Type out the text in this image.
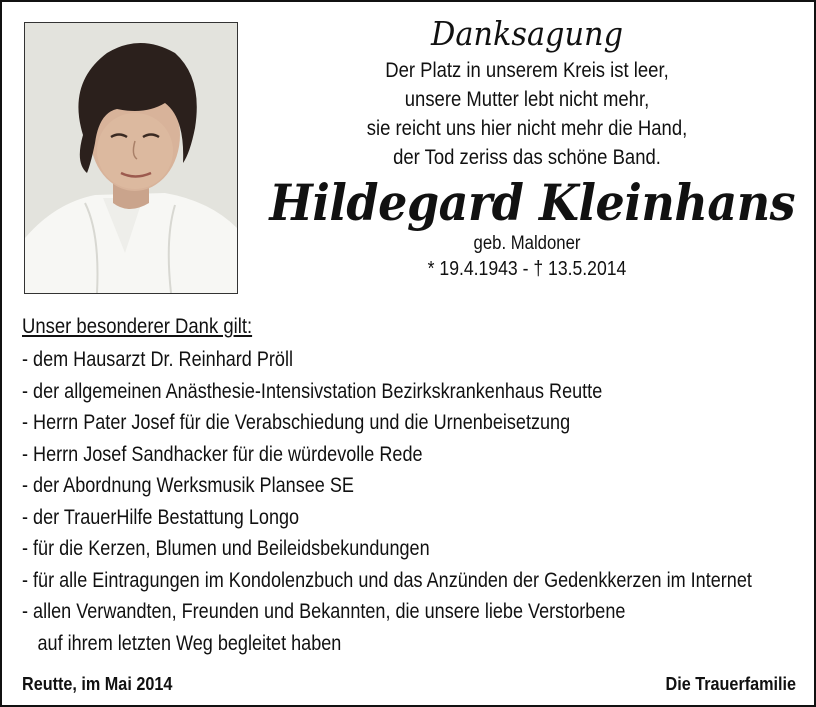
Danksagung

Der Platz in unserem Kreis ist leer,
unsere Mutter lebt nicht mehr,
sie reicht uns hier nicht mehr die Hand,
der Tod zeriss das schöne Band.

Hildegard Kleinhans

geb. Maldoner
* 19.4.1943 - † 13.5.2014
Unser besonderer Dank gilt:
- dem Hausarzt Dr. Reinhard Pröll
- der allgemeinen Anästhesie-Intensivstation Bezirkskrankenhaus Reutte
- Herrn Pater Josef für die Verabschiedung und die Urnenbeisetzung
- Herrn Josef Sandhacker für die würdevolle Rede
- der Abordnung Werksmusik Plansee SE
- der TrauerHilfe Bestattung Longo
- für die Kerzen, Blumen und Beileidsbekundungen
- für alle Eintragungen im Kondolenzbuch und das Anzünden der Gedenkkerzen im Internet
- allen Verwandten, Freunden und Bekannten, die unsere liebe Verstorbene
auf ihrem letzten Weg begleitet haben
Reutte, im Mai 2014	Die Trauerfamilie
